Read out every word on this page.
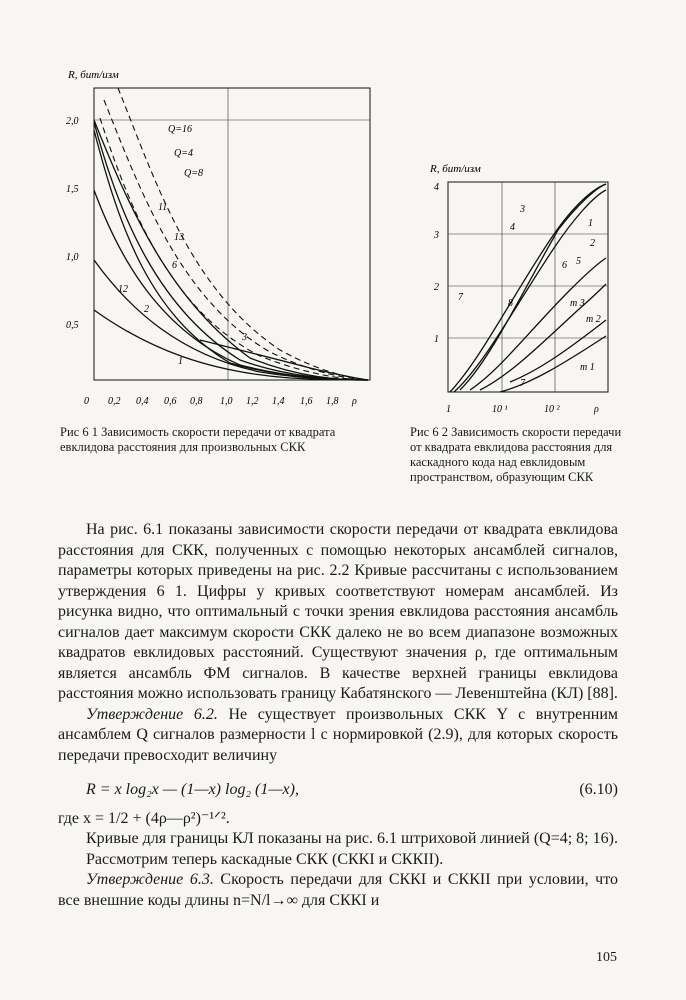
R, бит/изм
2,0
1,5
1,0
0,5
0 0,2 0,4 0,6 0,8 1,0 1,2 1,4 1,6 1,8 ρ
Q=16
Q=4
Q=8
11
13
6
12
2
3
1
Рис 6 1 Зависимость скорости передачи от квадрата евклидова расстояния для произвольных СКК
R, бит/изм
4
3
2
1
1	10 ¹	10 ²	ρ
3
4	1
2
6 5
7
8	m 3
m 2
m 1
7
Рис 6 2 Зависимость скорости передачи от квадрата евклидова расстояния для каскадного кода над евклидовым пространством, образующим СКК

На рис. 6.1 показаны зависимости скорости передачи от квадрата евклидова расстояния для СКК, полученных с помощью некоторых ансамблей сигналов, параметры которых приведены на рис. 2.2 Кривые рассчитаны с использованием утверждения 6 1. Цифры у кривых соответствуют номерам ансамблей. Из рисунка видно, что оптимальный с точки зрения евклидова расстояния ансамбль сигналов дает максимум скорости СКК далеко не во всем диапазоне возможных квадратов евклидовых расстояний. Существуют значения ρ, где оптимальным является ансамбль ФМ сигналов. В качестве верхней границы евклидова расстояния можно использовать границу Кабатянского — Левенштейна (КЛ) [88].

Утверждение 6.2. Не существует произвольных СКК Y с внутренним ансамблем Q сигналов размерности l с нормировкой (2.9), для которых скорость передачи превосходит величину

R = x log₂x — (1—x) log₂ (1—x),	(6.10)

где x = 1/2 + (4ρ—ρ²)⁻¹ᐟ².

Кривые для границы КЛ показаны на рис. 6.1 штриховой линией (Q=4; 8; 16).

Рассмотрим теперь каскадные СКК (СККI и СККII).

Утверждение 6.3. Скорость передачи для СККI и СККII при условии, что все внешние коды длины n=N/l→∞ для СККI и

105
